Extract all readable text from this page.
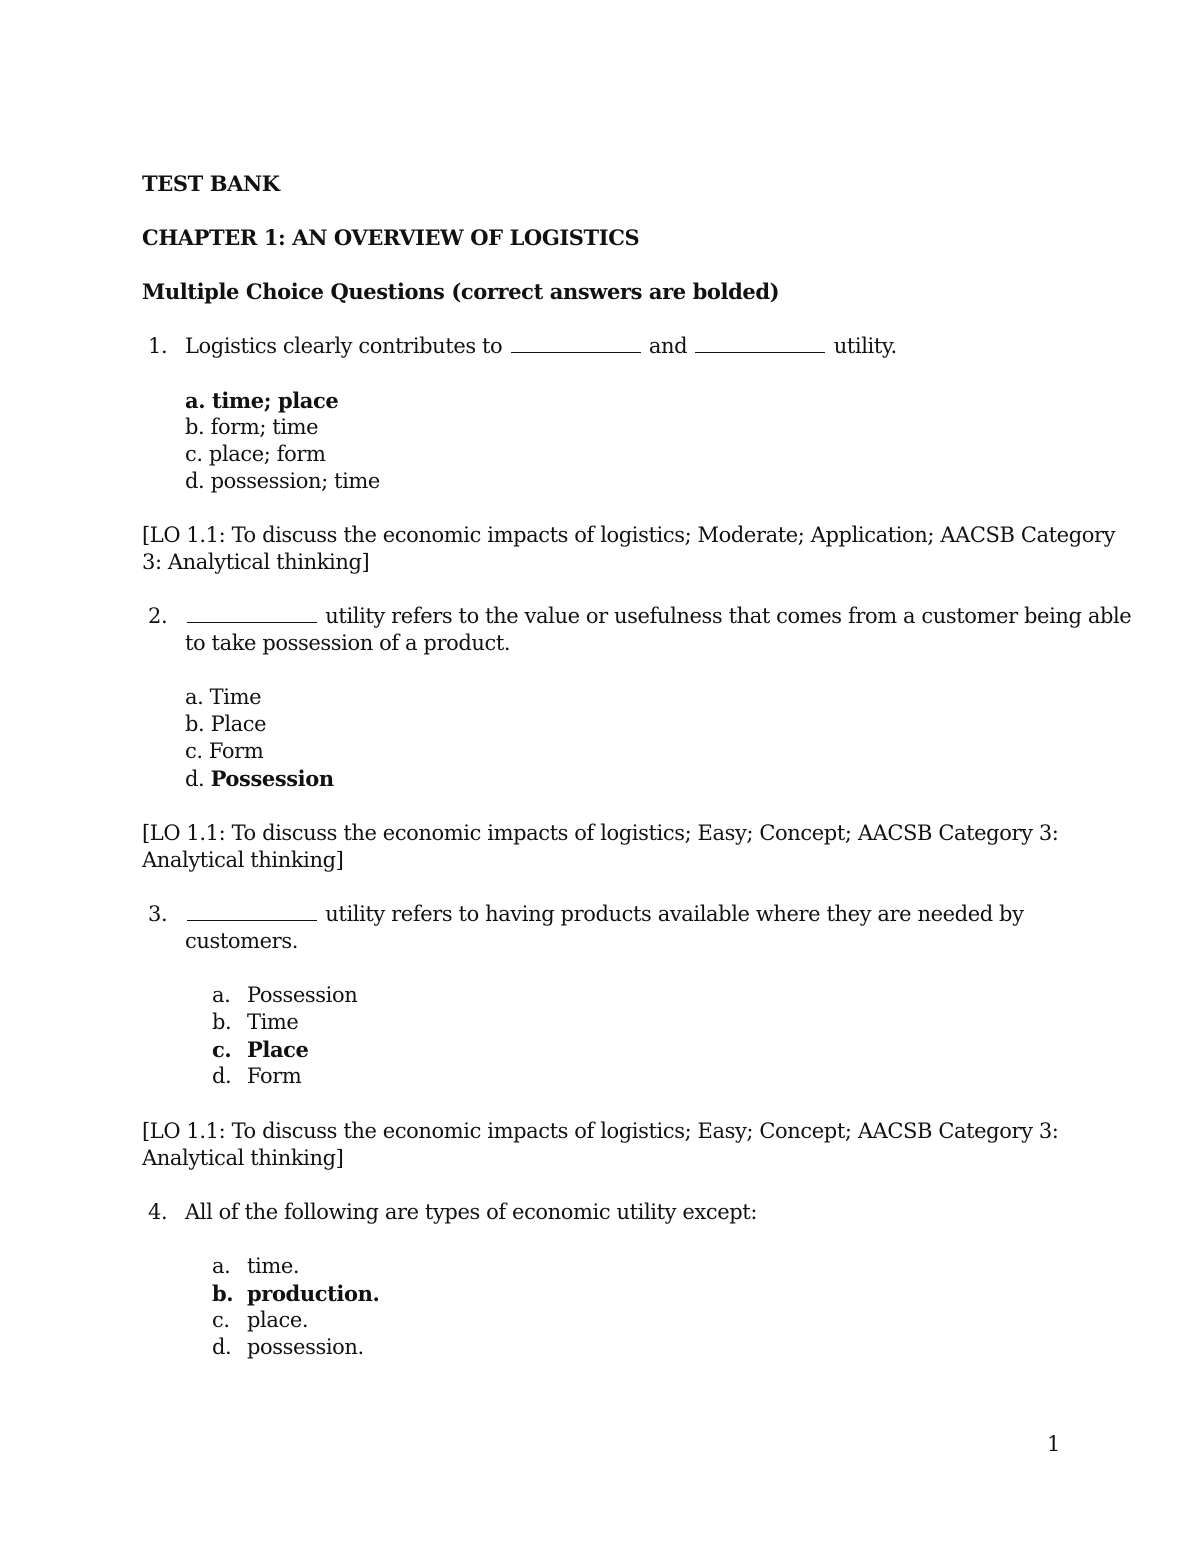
TEST BANK

CHAPTER 1: AN OVERVIEW OF LOGISTICS

Multiple Choice Questions (correct answers are bolded)

1. Logistics clearly contributes to	and	utility.

a. time; place

b. form; time

c. place; form

d. possession; time

[LO 1.1: To discuss the economic impacts of logistics; Moderate; Application; AACSB Category

3: Analytical thinking]

2.	utility refers to the value or usefulness that comes from a customer being able

to take possession of a product.

a. Time

b. Place

c. Form

d. Possession

[LO 1.1: To discuss the economic impacts of logistics; Easy; Concept; AACSB Category 3:

Analytical thinking]

3.	utility refers to having products available where they are needed by

customers.

a. Possession

b. Time

c. Place

d. Form

[LO 1.1: To discuss the economic impacts of logistics; Easy; Concept; AACSB Category 3:

Analytical thinking]

4. All of the following are types of economic utility except:

a. time.

b. production.

c. place.

d. possession.

1
